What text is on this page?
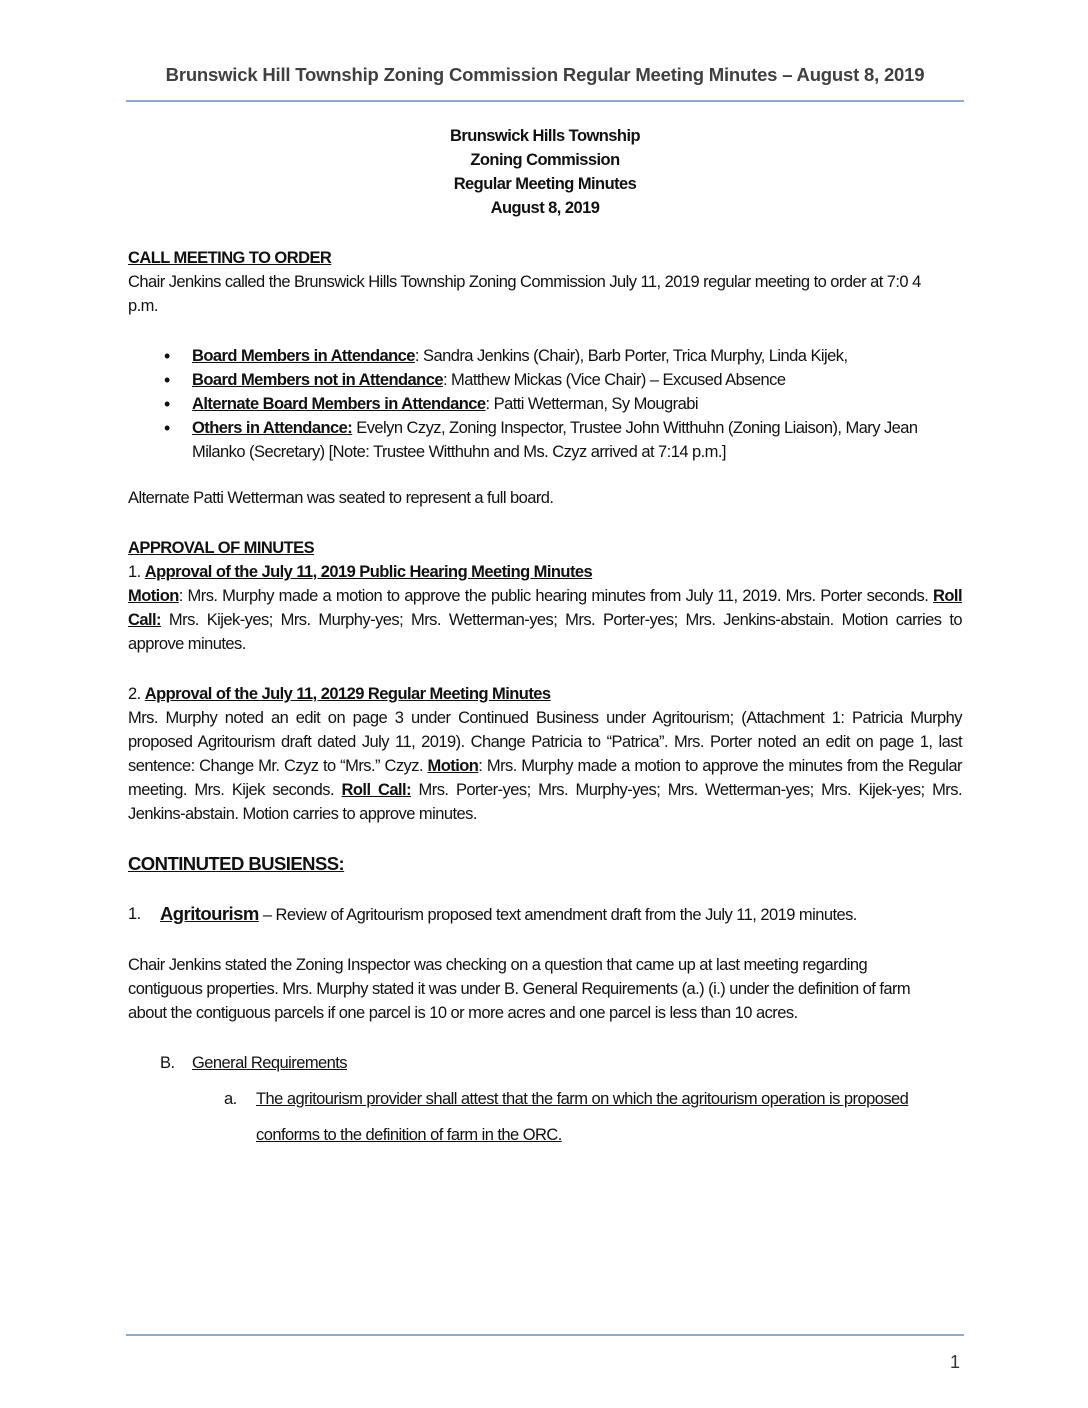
Brunswick Hill Township Zoning Commission Regular Meeting Minutes – August 8, 2019
Brunswick Hills Township
Zoning Commission
Regular Meeting Minutes
August 8, 2019
CALL MEETING TO ORDER
Chair Jenkins called the Brunswick Hills Township Zoning Commission July 11, 2019 regular meeting to order at 7:0 4 p.m.
• Board Members in Attendance: Sandra Jenkins (Chair), Barb Porter, Trica Murphy, Linda Kijek,
• Board Members not in Attendance: Matthew Mickas (Vice Chair) – Excused Absence
• Alternate Board Members in Attendance: Patti Wetterman, Sy Mougrabi
• Others in Attendance: Evelyn Czyz, Zoning Inspector, Trustee John Witthuhn (Zoning Liaison), Mary Jean Milanko (Secretary) [Note: Trustee Witthuhn and Ms. Czyz arrived at 7:14 p.m.]
Alternate Patti Wetterman was seated to represent a full board.
APPROVAL OF MINUTES
1. Approval of the July 11, 2019 Public Hearing Meeting Minutes
Motion: Mrs. Murphy made a motion to approve the public hearing minutes from July 11, 2019. Mrs. Porter seconds. Roll Call: Mrs. Kijek-yes; Mrs. Murphy-yes; Mrs. Wetterman-yes; Mrs. Porter-yes; Mrs. Jenkins-abstain. Motion carries to approve minutes.
2. Approval of the July 11, 20129 Regular Meeting Minutes
Mrs. Murphy noted an edit on page 3 under Continued Business under Agritourism; (Attachment 1: Patricia Murphy proposed Agritourism draft dated July 11, 2019). Change Patricia to “Patrica”. Mrs. Porter noted an edit on page 1, last sentence: Change Mr. Czyz to “Mrs.” Czyz. Motion: Mrs. Murphy made a motion to approve the minutes from the Regular meeting. Mrs. Kijek seconds. Roll Call: Mrs. Porter-yes; Mrs. Murphy-yes; Mrs. Wetterman-yes; Mrs. Kijek-yes; Mrs. Jenkins-abstain. Motion carries to approve minutes.
CONTINUTED BUSIENSS:
1.	Agritourism – Review of Agritourism proposed text amendment draft from the July 11, 2019 minutes.
Chair Jenkins stated the Zoning Inspector was checking on a question that came up at last meeting regarding contiguous properties. Mrs. Murphy stated it was under B. General Requirements (a.) (i.) under the definition of farm about the contiguous parcels if one parcel is 10 or more acres and one parcel is less than 10 acres.
B.	General Requirements
a.	The agritourism provider shall attest that the farm on which the agritourism operation is proposed conforms to the definition of farm in the ORC.
1
